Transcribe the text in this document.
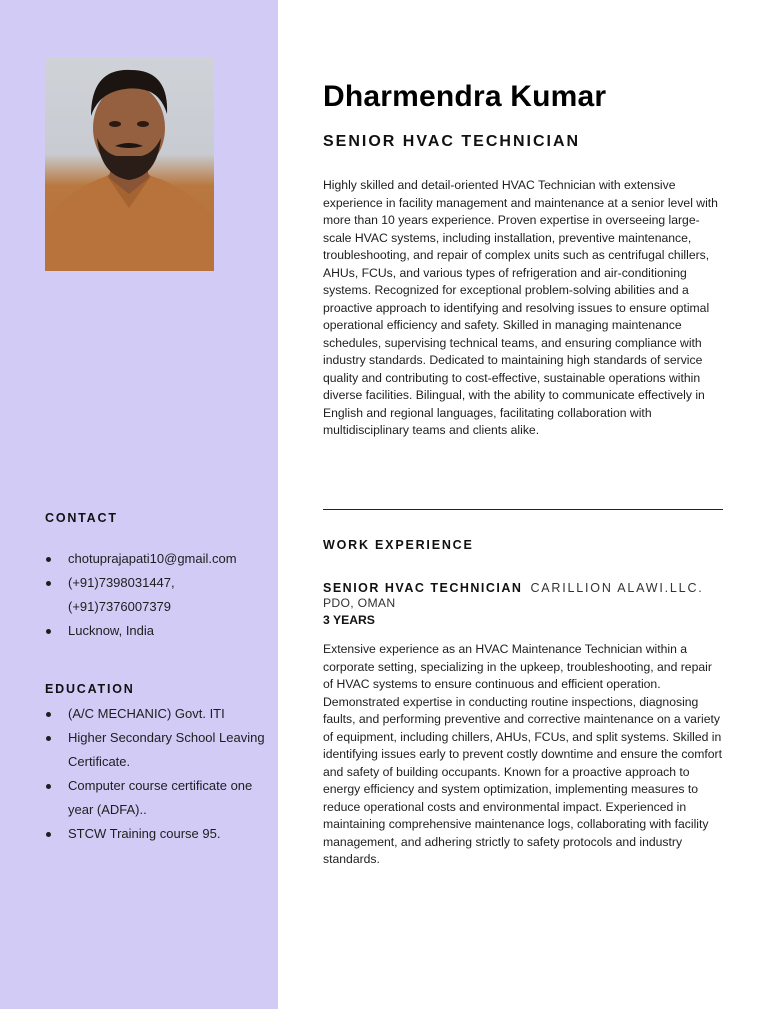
CONTACT
chotuprajapati10@gmail.com
(+91)7398031447,(+91)7376007379
Lucknow, India
EDUCATION
(A/C MECHANIC) Govt. ITI
Higher Secondary School Leaving Certificate.
Computer course certificate one year (ADFA)..
STCW Training course 95.
Dharmendra Kumar
SENIOR HVAC TECHNICIAN
Highly skilled and detail-oriented HVAC Technician with extensive experience in facility management and maintenance at a senior level with more than 10 years experience. Proven expertise in overseeing large-scale HVAC systems, including installation, preventive maintenance, troubleshooting, and repair of complex units such as centrifugal chillers, AHUs, FCUs, and various types of refrigeration and air-conditioning systems. Recognized for exceptional problem-solving abilities and a proactive approach to identifying and resolving issues to ensure optimal operational efficiency and safety. Skilled in managing maintenance schedules, supervising technical teams, and ensuring compliance with industry standards. Dedicated to maintaining high standards of service quality and contributing to cost-effective, sustainable operations within diverse facilities. Bilingual, with the ability to communicate effectively in English and regional languages, facilitating collaboration with multidisciplinary teams and clients alike.
WORK EXPERIENCE
SENIOR HVAC TECHNICIAN CARILLION ALAWI.LLC.
PDO, OMAN
3 YEARS
Extensive experience as an HVAC Maintenance Technician within a corporate setting, specializing in the upkeep, troubleshooting, and repair of HVAC systems to ensure continuous and efficient operation. Demonstrated expertise in conducting routine inspections, diagnosing faults, and performing preventive and corrective maintenance on a variety of equipment, including chillers, AHUs, FCUs, and split systems. Skilled in identifying issues early to prevent costly downtime and ensure the comfort and safety of building occupants. Known for a proactive approach to energy efficiency and system optimization, implementing measures to reduce operational costs and environmental impact. Experienced in maintaining comprehensive maintenance logs, collaborating with facility management, and adhering strictly to safety protocols and industry standards.
